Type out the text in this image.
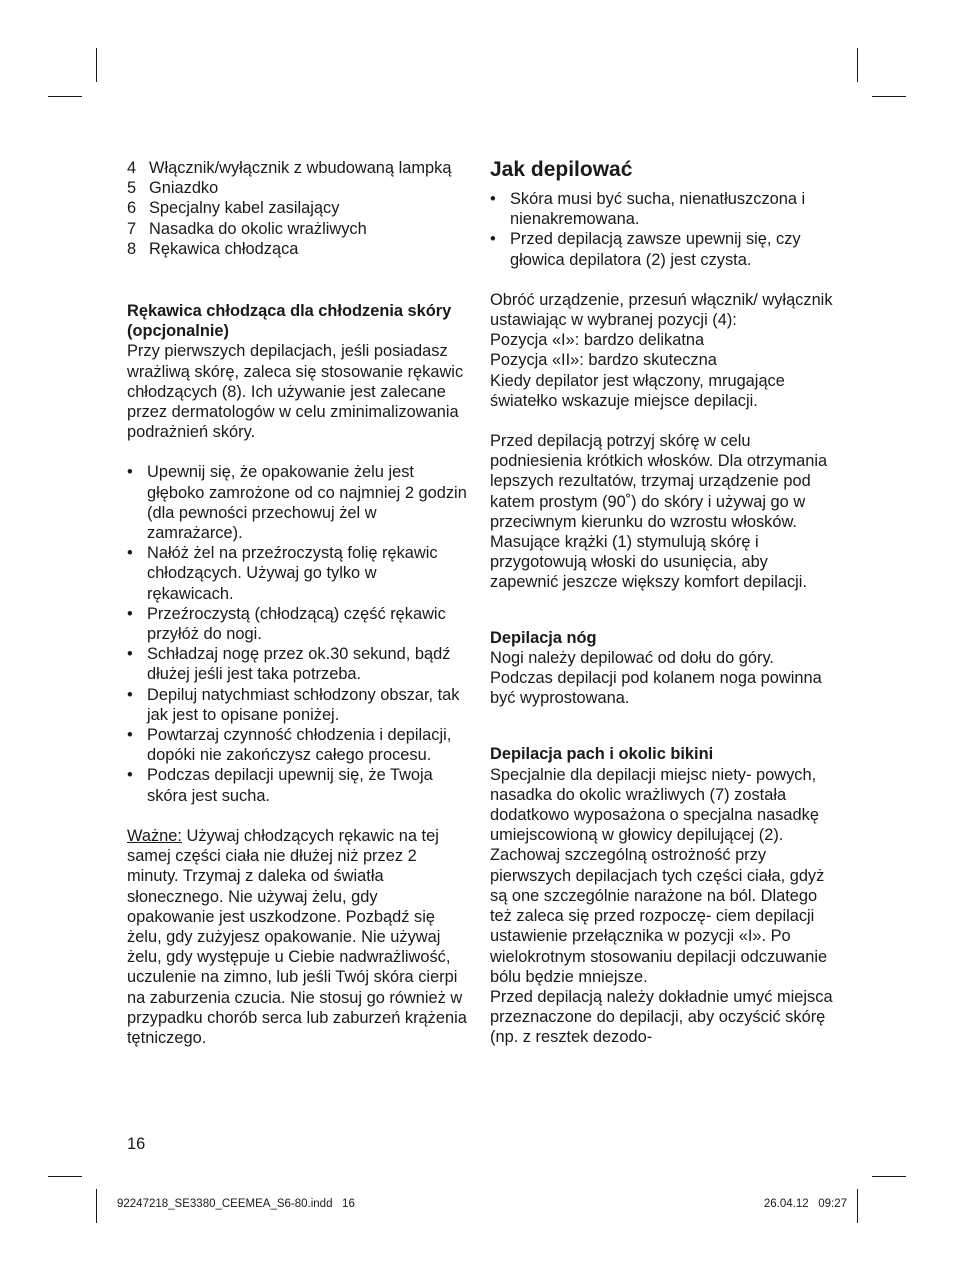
4 Włącznik/wyłącznik z wbudowaną lampką
5 Gniazdko
6 Specjalny kabel zasilający
7 Nasadka do okolic wrażliwych
8 Rękawica chłodząca

Rękawica chłodząca dla chłodzenia skóry (opcjonalnie)

Przy pierwszych depilacjach, jeśli posiadasz wrażliwą skórę, zaleca się stosowanie rękawic chłodzących (8). Ich używanie jest zalecane przez dermatologów w celu zminimalizowania podrażnień skóry.

• Upewnij się, że opakowanie żelu jest głęboko zamrożone od co najmniej 2 godzin (dla pewności przechowuj żel w zamrażarce).
• Nałóż żel na przeźroczystą folię rękawic chłodzących. Używaj go tylko w rękawicach.
• Przeźroczystą (chłodzącą) część rękawic przyłóż do nogi.
• Schładzaj nogę przez ok.30 sekund, bądź dłużej jeśli jest taka potrzeba.
• Depiluj natychmiast schłodzony obszar, tak jak jest to opisane poniżej.
• Powtarzaj czynność chłodzenia i depilacji, dopóki nie zakończysz całego procesu.
• Podczas depilacji upewnij się, że Twoja skóra jest sucha.

Ważne: Używaj chłodzących rękawic na tej samej części ciała nie dłużej niż przez 2 minuty. Trzymaj z daleka od światła słonecznego. Nie używaj żelu, gdy opakowanie jest uszkodzone. Pozbądź się żelu, gdy zużyjesz opakowanie. Nie używaj żelu, gdy występuje u Ciebie nadwrażliwość, uczulenie na zimno, lub jeśli Twój skóra cierpi na zaburzenia czucia. Nie stosuj go również w przypadku chorób serca lub zaburzeń krążenia tętniczego.

Jak depilować
• Skóra musi być sucha, nienatłuszczona i nienakremowana.
• Przed depilacją zawsze upewnij się, czy głowica depilatora (2) jest czysta.

Obróć urządzenie, przesuń włącznik/ wyłącznik ustawiając w wybranej pozycji (4):

Pozycja «I»: bardzo delikatna

Pozycja «II»: bardzo skuteczna

Kiedy depilator jest włączony, mrugające światełko wskazuje miejsce depilacji.

Przed depilacją potrzyj skórę w celu podniesienia krótkich włosków. Dla otrzymania lepszych rezultatów, trzymaj urządzenie pod katem prostym (90˚) do skóry i używaj go w przeciwnym kierunku do wzrostu włosków. Masujące krążki (1) stymulują skórę i przygotowują włoski do usunięcia, aby zapewnić jeszcze większy komfort depilacji.

Depilacja nóg

Nogi należy depilować od dołu do góry. Podczas depilacji pod kolanem noga powinna być wyprostowana.

Depilacja pach i okolic bikini

Specjalnie dla depilacji miejsc niety- powych, nasadka do okolic wrażliwych (7) została dodatkowo wyposażona o specjalna nasadkę umiejscowioną w głowicy depilującej (2).

Zachowaj szczególną ostrożność przy pierwszych depilacjach tych części ciała, gdyż są one szczególnie narażone na ból. Dlatego też zaleca się przed rozpoczę- ciem depilacji ustawienie przełącznika w pozycji «I». Po wielokrotnym stosowaniu depilacji odczuwanie bólu będzie mniejsze.

Przed depilacją należy dokładnie umyć miejsca przeznaczone do depilacji, aby oczyścić skórę (np. z resztek dezodo-

16
92247218_SE3380_CEEMEA_S6-80.indd   16	26.04.12   09:27
